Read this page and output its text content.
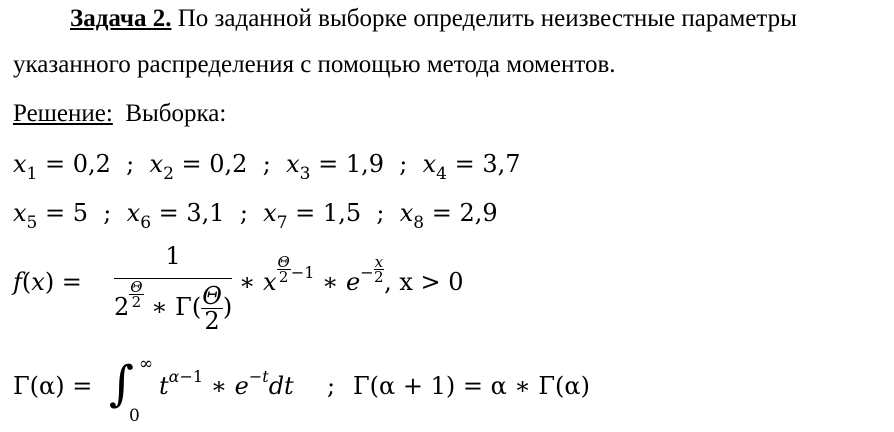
Задача 2. По заданной выборке определить неизвестные параметры
указанного распределения с помощью метода моментов.
Решение: Выборка:
$x_1 = 0,2$  ;  $x_2 = 0,2$  ;  $x_3 = 1,9$  ;  $x_4 = 3,7$
$x_5 = 5$  ;  $x_6 = 3,1$  ;  $x_7 = 1,5$  ;  $x_8 = 2,9$
f(x) =
1
$2 \frac{\Theta}{2}$ ∗ $\Gamma( \frac{\Theta}{2}$ )
∗ x $\frac{\Theta}{2} ^{-1}$ ∗ $e^- \frac{x}{2}$ , x > 0
Γ(α) = ∫ ∞
0
$t^{\alpha-1}$ ∗ $e^{-t}dt$ ; Γ(α + 1) = α ∗ Γ(α)
